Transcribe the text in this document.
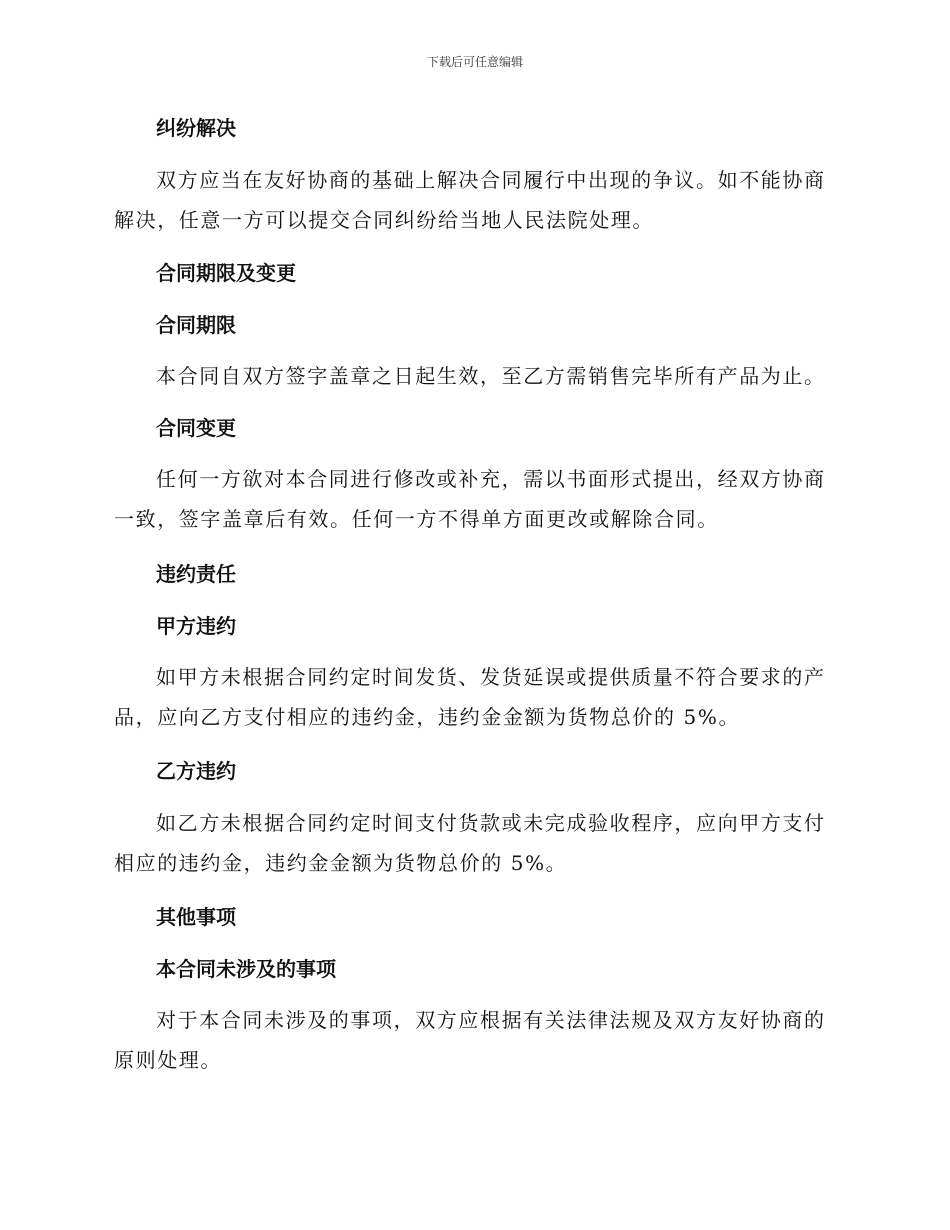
下载后可任意编辑
纠纷解决
双方应当在友好协商的基础上解决合同履行中出现的争议。如不能协商解决，任意一方可以提交合同纠纷给当地人民法院处理。
合同期限及变更
合同期限
本合同自双方签字盖章之日起生效，至乙方需销售完毕所有产品为止。
合同变更
任何一方欲对本合同进行修改或补充，需以书面形式提出，经双方协商一致，签字盖章后有效。任何一方不得单方面更改或解除合同。
违约责任
甲方违约
如甲方未根据合同约定时间发货、发货延误或提供质量不符合要求的产品，应向乙方支付相应的违约金，违约金金额为货物总价的 5%。
乙方违约
如乙方未根据合同约定时间支付货款或未完成验收程序，应向甲方支付相应的违约金，违约金金额为货物总价的 5%。
其他事项
本合同未涉及的事项
对于本合同未涉及的事项，双方应根据有关法律法规及双方友好协商的原则处理。
